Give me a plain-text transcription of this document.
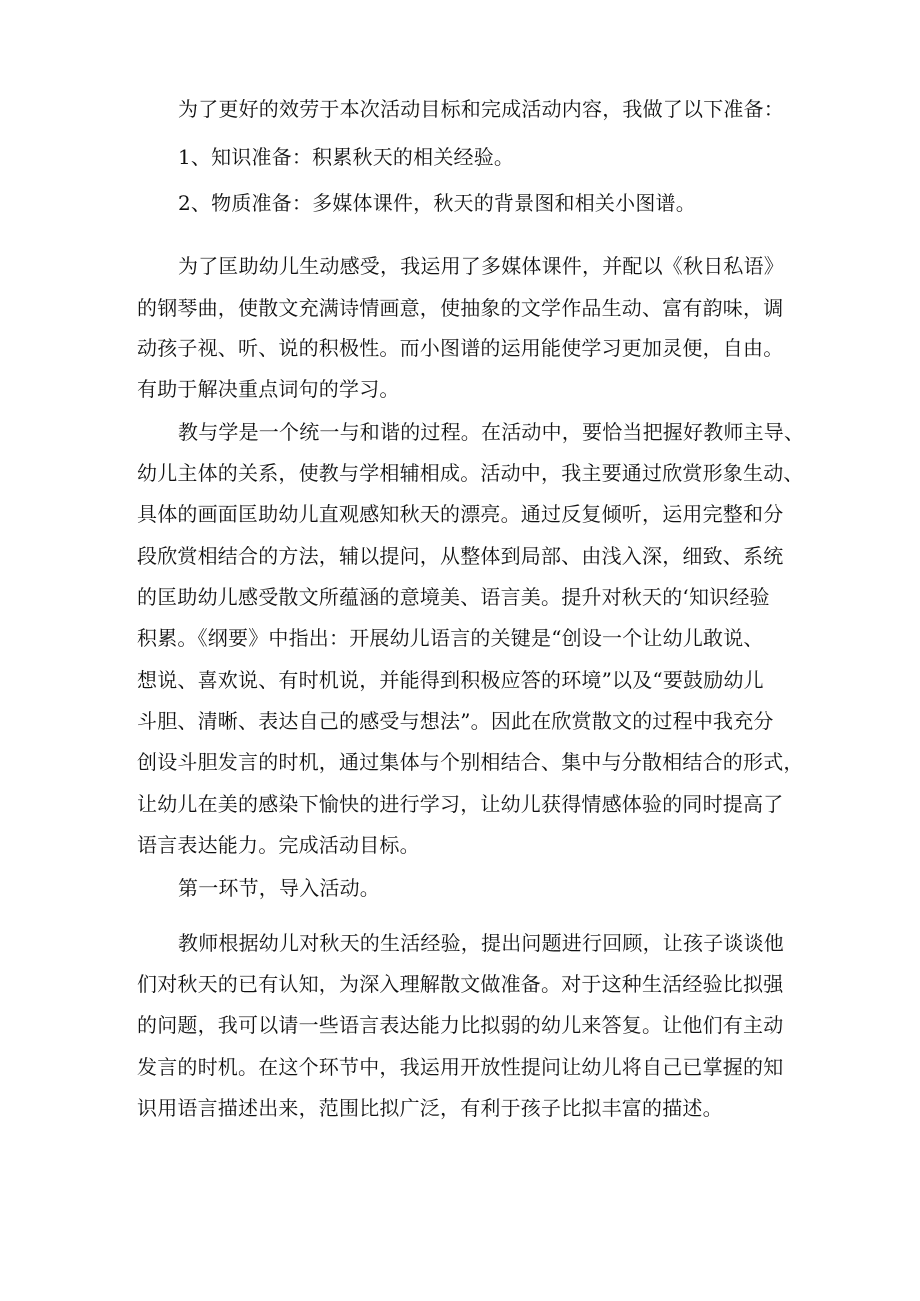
为了更好的效劳于本次活动目标和完成活动内容，我做了以下准备：
1、知识准备：积累秋天的相关经验。
2、物质准备：多媒体课件，秋天的背景图和相关小图谱。
为了匡助幼儿生动感受，我运用了多媒体课件，并配以《秋日私语》
的钢琴曲，使散文充满诗情画意，使抽象的文学作品生动、富有韵味，调
动孩子视、听、说的积极性。而小图谱的运用能使学习更加灵便，自由。
有助于解决重点词句的学习。
教与学是一个统一与和谐的过程。在活动中，要恰当把握好教师主导、
幼儿主体的关系，使教与学相辅相成。活动中，我主要通过欣赏形象生动、
具体的画面匡助幼儿直观感知秋天的漂亮。通过反复倾听，运用完整和分
段欣赏相结合的方法，辅以提问，从整体到局部、由浅入深，细致、系统
的匡助幼儿感受散文所蕴涵的意境美、语言美。提升对秋天的‘知识经验
积累。《纲要》中指出：开展幼儿语言的关键是“创设一个让幼儿敢说、
想说、喜欢说、有时机说，并能得到积极应答的环境”以及“要鼓励幼儿
斗胆、清晰、表达自己的感受与想法”。因此在欣赏散文的过程中我充分
创设斗胆发言的时机，通过集体与个别相结合、集中与分散相结合的形式，
让幼儿在美的感染下愉快的进行学习，让幼儿获得情感体验的同时提高了
语言表达能力。完成活动目标。
第一环节，导入活动。
教师根据幼儿对秋天的生活经验，提出问题进行回顾，让孩子谈谈他
们对秋天的已有认知，为深入理解散文做准备。对于这种生活经验比拟强
的问题，我可以请一些语言表达能力比拟弱的幼儿来答复。让他们有主动
发言的时机。在这个环节中，我运用开放性提问让幼儿将自己已掌握的知
识用语言描述出来，范围比拟广泛，有利于孩子比拟丰富的描述。
